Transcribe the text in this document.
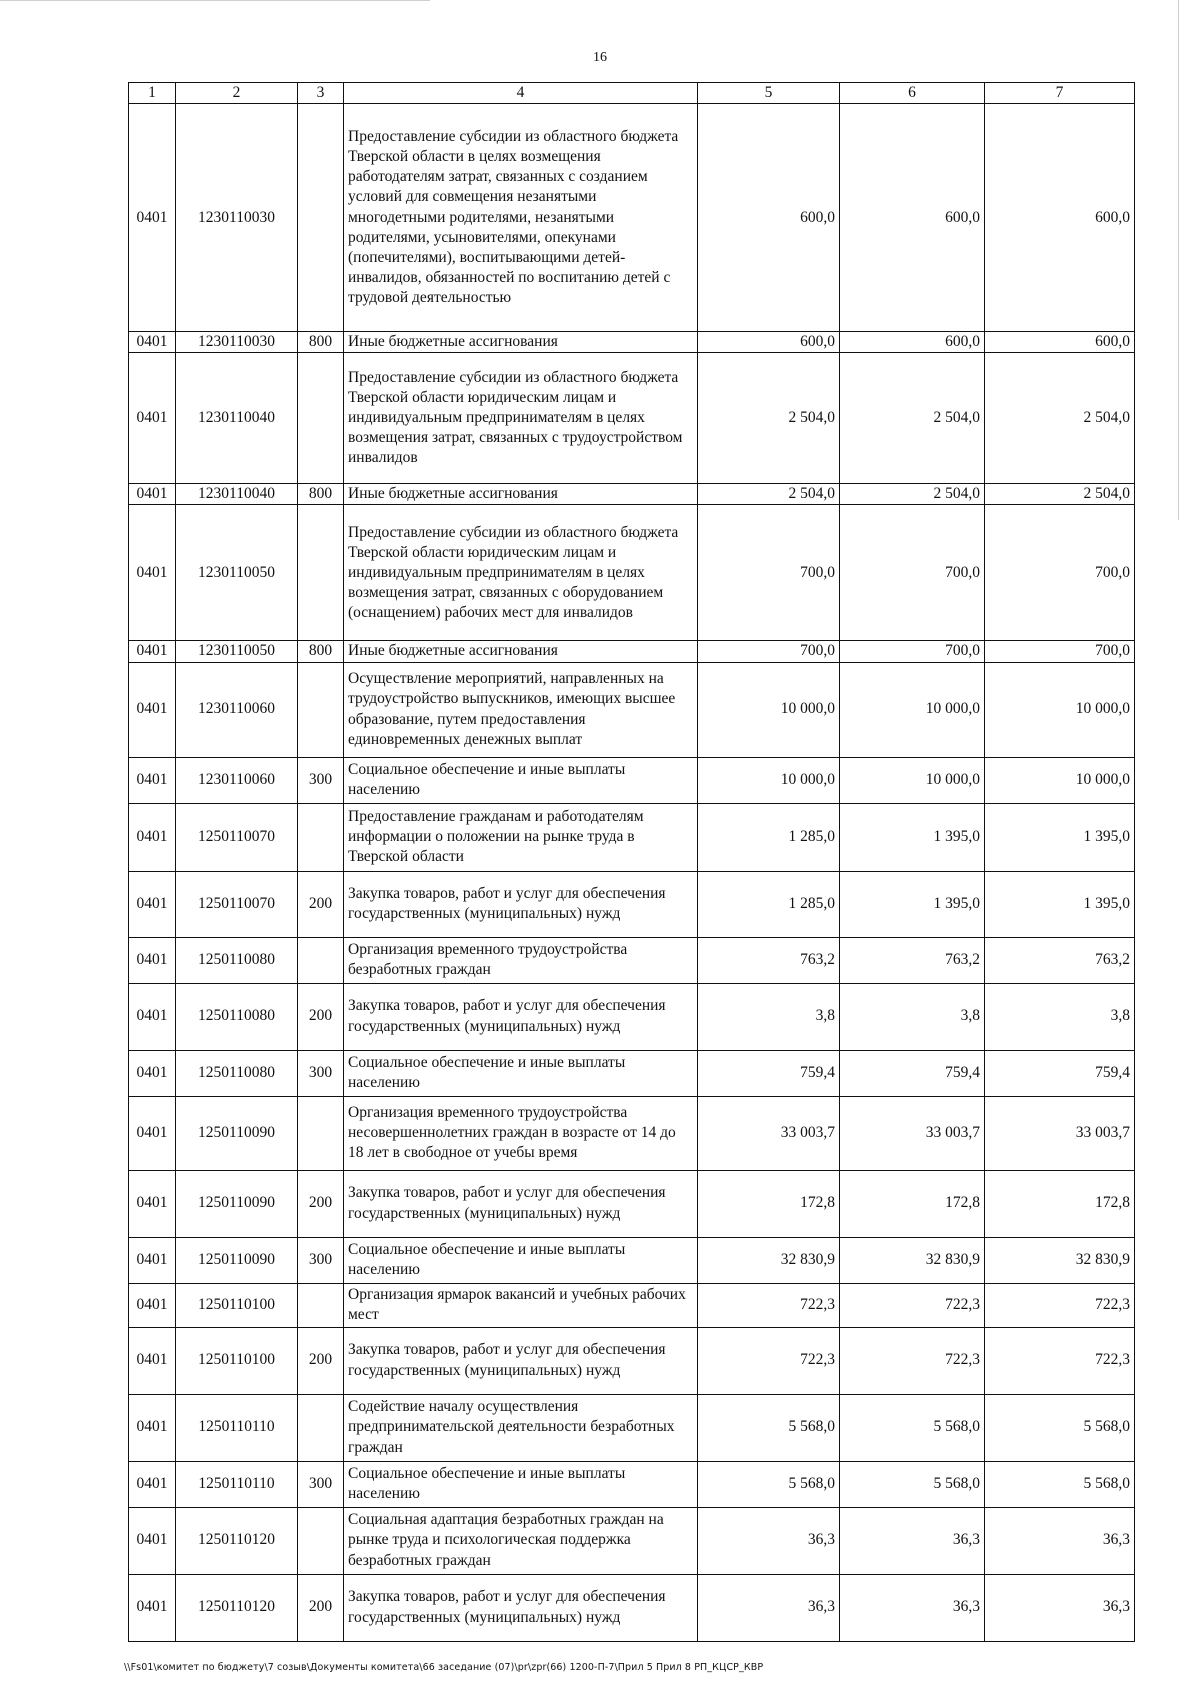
16
1	2	3	4	5	6	7
0401	1230110030		Предоставление субсидии из областного бюджета Тверской области в целях возмещения работодателям затрат, связанных с созданием условий для совмещения незанятыми многодетными родителями, незанятыми родителями, усыновителями, опекунами (попечителями), воспитывающими детей-инвалидов, обязанностей по воспитанию детей с трудовой деятельностью	600,0	600,0	600,0
0401	1230110030	800	Иные бюджетные ассигнования	600,0	600,0	600,0
0401	1230110040		Предоставление субсидии из областного бюджета Тверской области юридическим лицам и индивидуальным предпринимателям в целях возмещения затрат, связанных с трудоустройством инвалидов	2 504,0	2 504,0	2 504,0
0401	1230110040	800	Иные бюджетные ассигнования	2 504,0	2 504,0	2 504,0
0401	1230110050		Предоставление субсидии из областного бюджета Тверской области юридическим лицам и индивидуальным предпринимателям в целях возмещения затрат, связанных с оборудованием (оснащением) рабочих мест для инвалидов	700,0	700,0	700,0
0401	1230110050	800	Иные бюджетные ассигнования	700,0	700,0	700,0
0401	1230110060		Осуществление мероприятий, направленных на трудоустройство выпускников, имеющих высшее образование, путем предоставления единовременных денежных выплат	10 000,0	10 000,0	10 000,0
0401	1230110060	300	Социальное обеспечение и иные выплаты населению	10 000,0	10 000,0	10 000,0
0401	1250110070		Предоставление гражданам и работодателям информации о положении на рынке труда в Тверской области	1 285,0	1 395,0	1 395,0
0401	1250110070	200	Закупка товаров, работ и услуг для обеспечения государственных (муниципальных) нужд	1 285,0	1 395,0	1 395,0
0401	1250110080		Организация временного трудоустройства безработных граждан	763,2	763,2	763,2
0401	1250110080	200	Закупка товаров, работ и услуг для обеспечения государственных (муниципальных) нужд	3,8	3,8	3,8
0401	1250110080	300	Социальное обеспечение и иные выплаты населению	759,4	759,4	759,4
0401	1250110090		Организация временного трудоустройства несовершеннолетних граждан в возрасте от 14 до 18 лет в свободное от учебы время	33 003,7	33 003,7	33 003,7
0401	1250110090	200	Закупка товаров, работ и услуг для обеспечения государственных (муниципальных) нужд	172,8	172,8	172,8
0401	1250110090	300	Социальное обеспечение и иные выплаты населению	32 830,9	32 830,9	32 830,9
0401	1250110100		Организация ярмарок вакансий и учебных рабочих мест	722,3	722,3	722,3
0401	1250110100	200	Закупка товаров, работ и услуг для обеспечения государственных (муниципальных) нужд	722,3	722,3	722,3
0401	1250110110		Содействие началу осуществления предпринимательской деятельности безработных граждан	5 568,0	5 568,0	5 568,0
0401	1250110110	300	Социальное обеспечение и иные выплаты населению	5 568,0	5 568,0	5 568,0
0401	1250110120		Социальная адаптация безработных граждан на рынке труда и психологическая поддержка безработных граждан	36,3	36,3	36,3
0401	1250110120	200	Закупка товаров, работ и услуг для обеспечения государственных (муниципальных) нужд	36,3	36,3	36,3
\\Fs01\комитет по бюджету\7 созыв\Документы комитета\66 заседание (07)\pr\zpr(66) 1200-П-7\Прил 5 Прил 8 РП_КЦСР_КВР
